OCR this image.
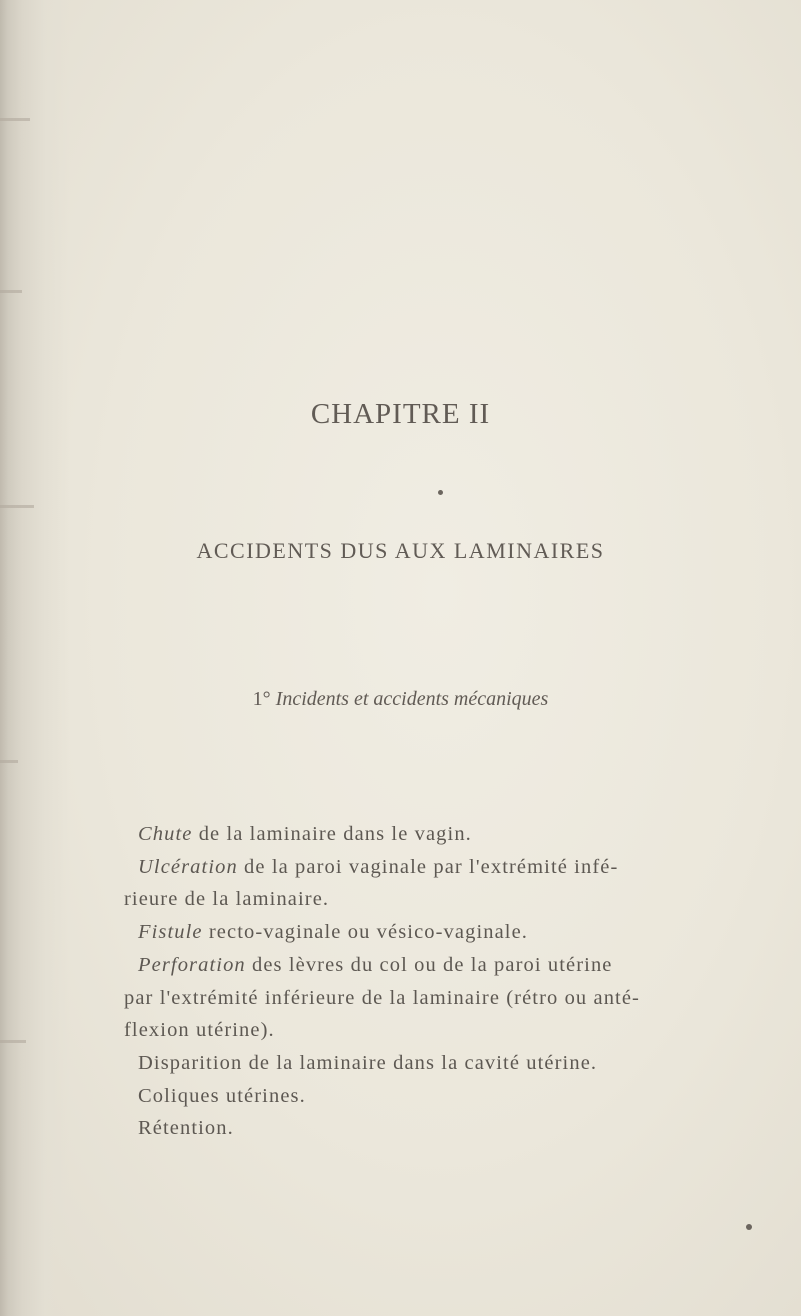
CHAPITRE II
ACCIDENTS DUS AUX LAMINAIRES
1° Incidents et accidents mécaniques
Chute de la laminaire dans le vagin.
Ulcération de la paroi vaginale par l'extrémité infé-
rieure de la laminaire.
Fistule recto-vaginale ou vésico-vaginale.
Perforation des lèvres du col ou de la paroi utérine
par l'extrémité inférieure de la laminaire (rétro ou anté-
flexion utérine).
Disparition de la laminaire dans la cavité utérine.
Coliques utérines.
Rétention.
